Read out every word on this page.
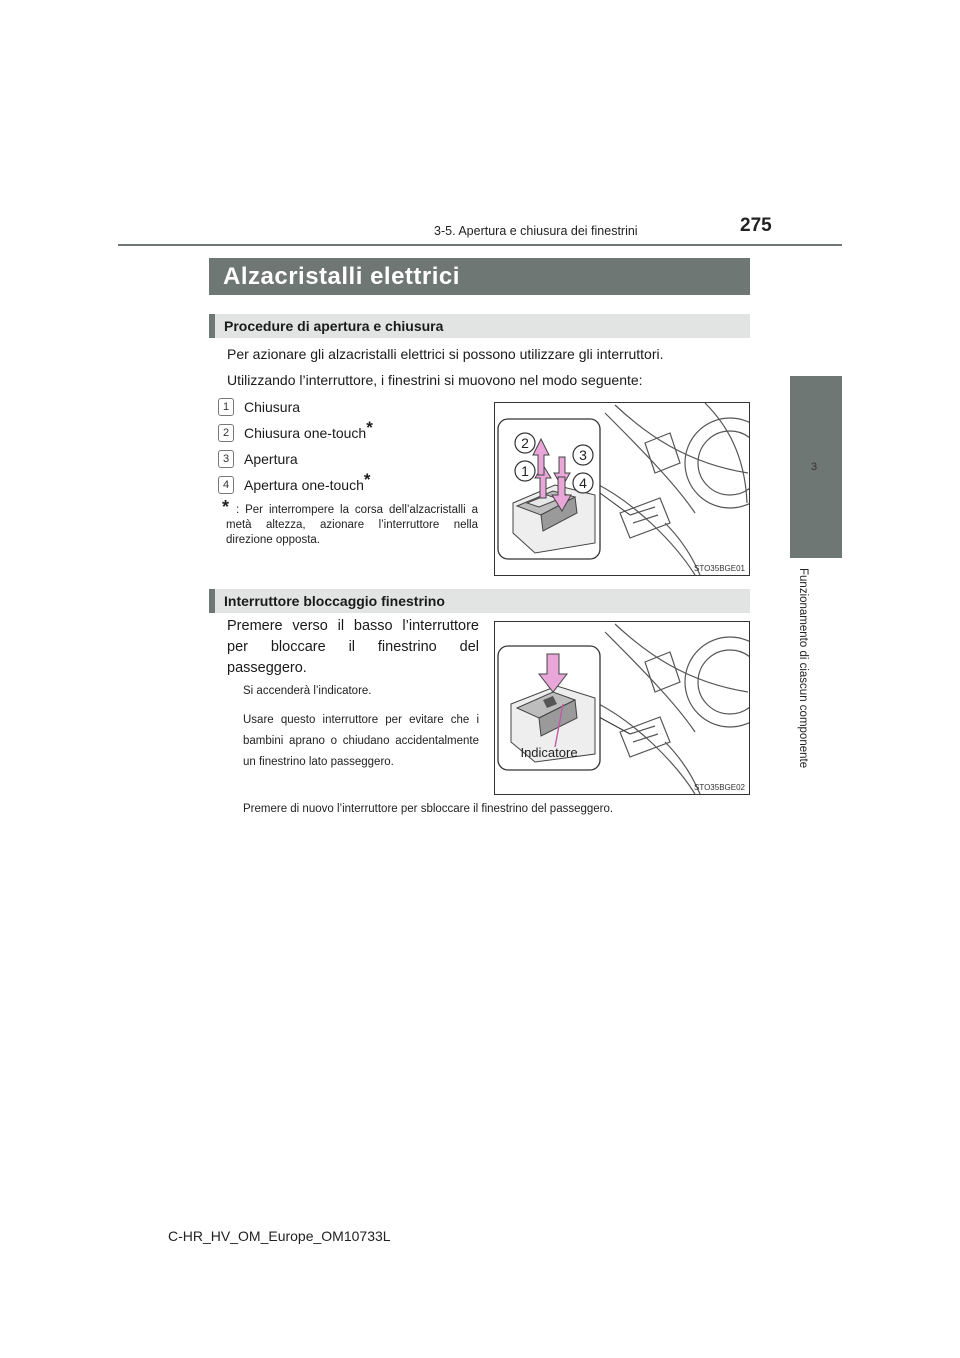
3-5. Apertura e chiusura dei finestrini	275
3
Funzionamento di ciascun componente
Alzacristalli elettrici
Procedure di apertura e chiusura
Per azionare gli alzacristalli elettrici si possono utilizzare gli interruttori.
Utilizzando l’interruttore, i finestrini si muovono nel modo seguente:
1	Chiusura
2	Chiusura one-touch *
3	Apertura
4	Apertura one-touch *
* : Per interrompere la corsa dell’alzacristalli a metà altezza, azionare l’interruttore nella direzione opposta.
2
1
3
4
STO35BGE01
Interruttore bloccaggio finestrino
Premere verso il basso l’interruttore per bloccare il finestrino del passeggero.
Si accenderà l’indicatore.
Usare questo interruttore per evitare che i bambini aprano o chiudano accidentalmente un finestrino lato passeggero.
Premere di nuovo l’interruttore per sbloccare il finestrino del passeggero.
Indicatore
STO35BGE02
C-HR_HV_OM_Europe_OM10733L
